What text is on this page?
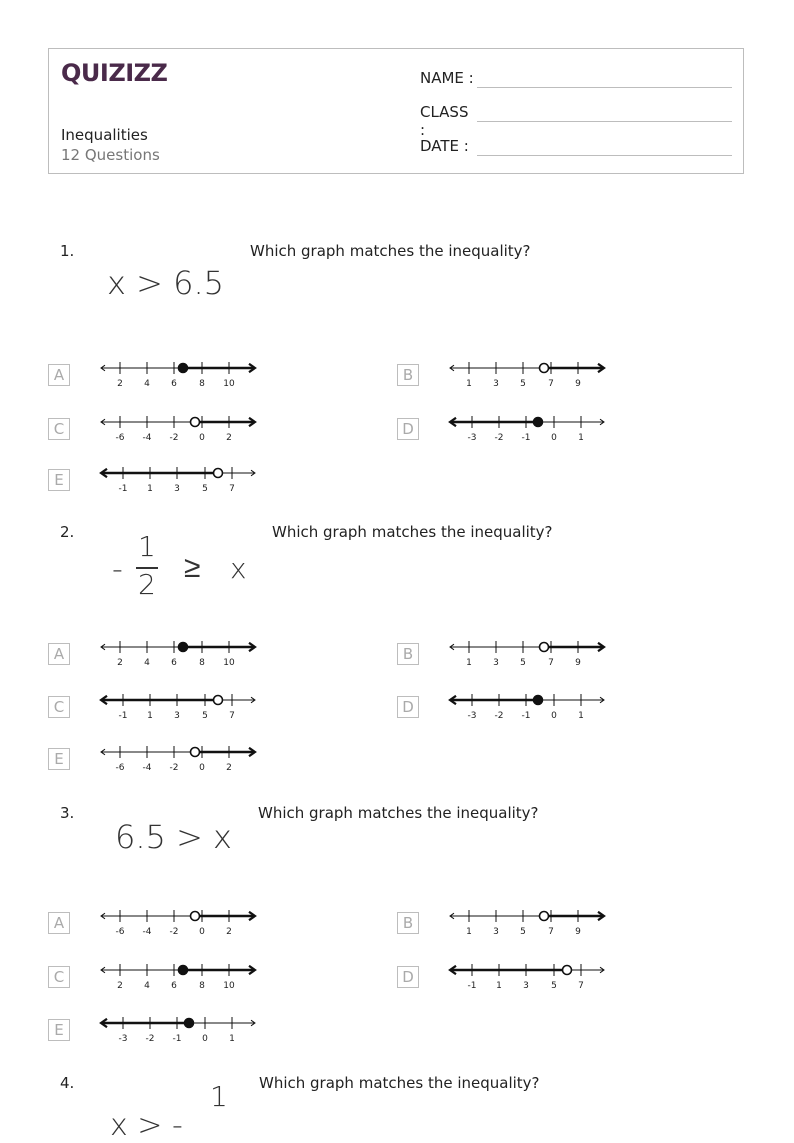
QUIZIZZ
Inequalities
12 Questions
NAME :
CLASS :
DATE :
1.	Which graph matches the inequality?
x > 6.5
2.	Which graph matches the inequality?
-
1
2 ≥ x
3.	Which graph matches the inequality?
6.5 > x
4.	Which graph matches the inequality?
x > -
1
A	2 4 6 8 10	B	1 3 5 7 9
C	-6 -4 -2 0 2	D	-3 -2 -1 0 1
E	-1 1 3 5 7
A	2 4 6 8 10	B	1 3 5 7 9
C	-1 1 3 5 7	D	-3 -2 -1 0 1
E	-6 -4 -2 0 2
A	-6 -4 -2 0 2	B	1 3 5 7 9
C	2 4 6 8 10	D	-1 1 3 5 7
E	-3 -2 -1 0 1
